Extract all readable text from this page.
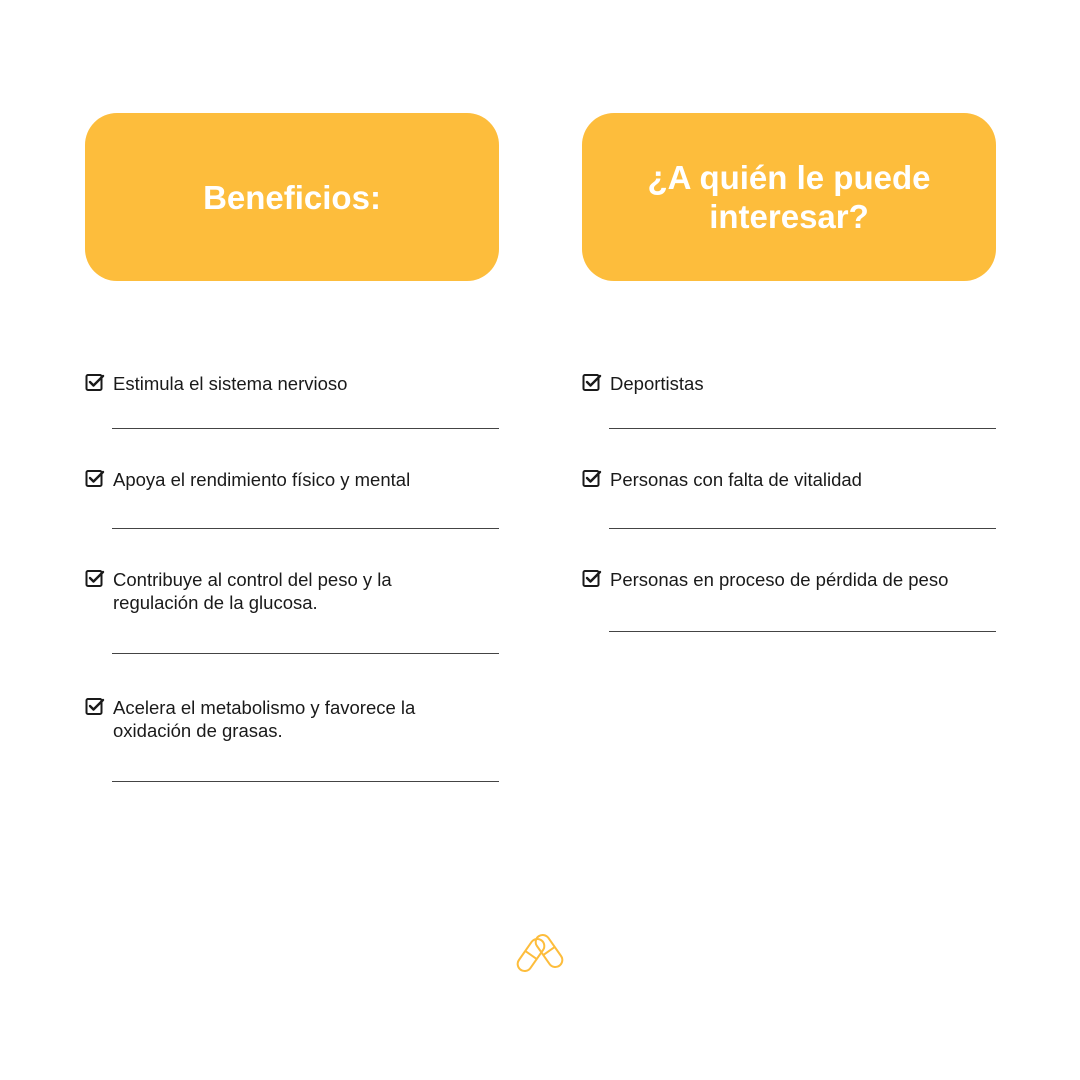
Beneficios:
Estimula el sistema nervioso
Apoya el rendimiento físico y mental
Contribuye al control del peso y la regulación de la glucosa.
Acelera el metabolismo y favorece la oxidación de grasas.
¿A quién le puede interesar?
Deportistas
Personas con falta de vitalidad
Personas en proceso de pérdida de peso
